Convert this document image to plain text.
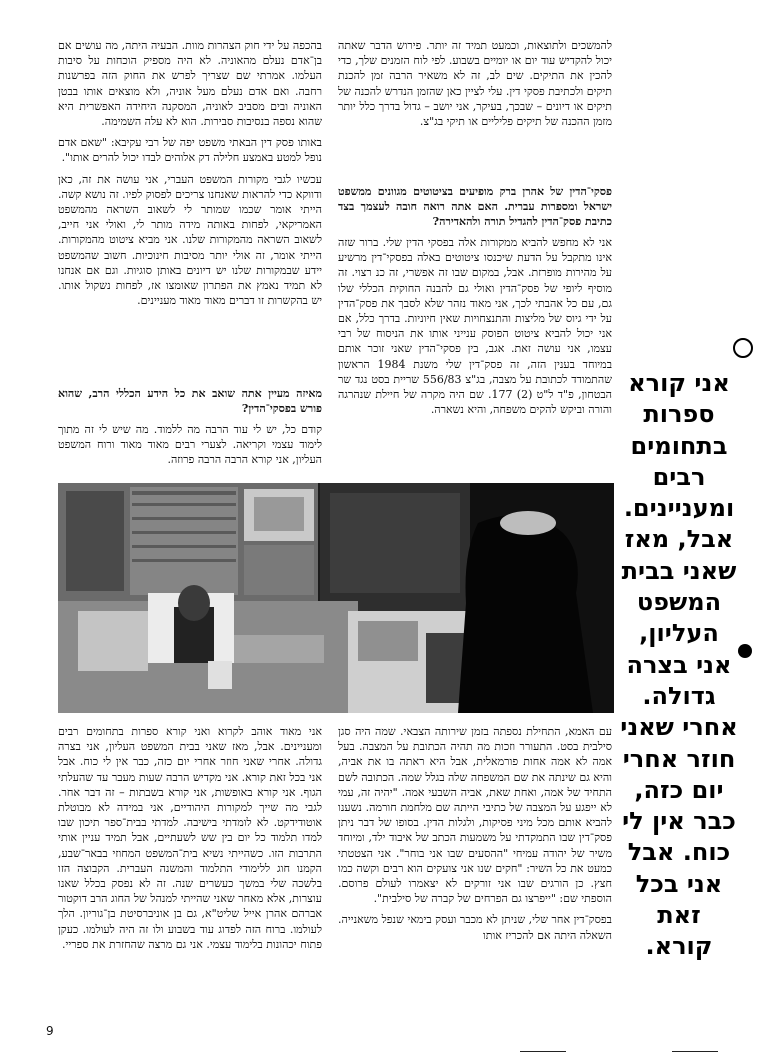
להמשכים ולתוצאות, וכמעט תמיד זה יותר. פירוש הדבר שאתה יכול להקדיש עוד יום או יומיים בשבוע. לפי לוח הזמנים שלך, כדי להכין את התיקים. שים לב, זה לא משאיר הרבה זמן להכנת תיקים ולכתיבת פסקי דין. עלי לציין כאן שהזמן הנדרש להכנה של תיקים או דיונים – שבכך, בעיקר, אני יושב – גדול בדרך כלל יותר מזמן ההכנה של תיקים פליליים או תיקי בג"צ.

בהכפה על ידי חוק הצהרות מוות. הבעיה היתה, מה עושים אם בן־אדם נעלם מהאוניה. לא היה מספיק הוכחות על סיבות העלמו. אמרתי שם שצריך לפרש את החוק הזה בפרשנות רחבה. ואם אדם נעלם מעל אוניה, ולא מוצאים אותו בבטן האוניה ובים מסביב לאוניה, המסקנה היחידה האפשרית היא שהוא נספה בנסיבות סבירות. הוא לא עלה השמימה.

באותו פסק דין הבאתי משפט יפה של רבי עקיבא: "שאם אדם נופל למטע באמצע חלילה דק אלוהים לבדו יכול להרים אותו".

עכשיו לגבי מקורות המשפט העברי, אני עושה את זה, כאן ודווקא כדי להראות שאנחנו צריכים לפסוק לפיו. זה נושא קשה. הייתי אומר שכמו שמותר לי לשאוב השראה מהמשפט האמריקאי, לפחות באותה מידה מותר לי, ואולי אני חייב, לשאוב השראה מהמקורות שלנו. אני מביא ציטוט מהמקורות. הייתי אומר, זה אולי יותר מסיבות חינוכיות. חשוב שהמשפט יידע שבמקורות שלנו יש דיונים באותן סוגיות. וגם אם אנחנו לא תמיד נאמץ את הפתרון שאומצו אז, לפחות נשקול אותו. יש בהקשרות זו דברים מאוד מאוד מעניינים.

פסקי־הדין של אהרן ברק מופיעים בציטוטים מגוונים ממשפט ישראל ומספרות עברית. האם אתה רואה חובה לעצמך בצד כתיבת פסק־הדין להגדיל תורה ולהאדירה?

אני לא מחפש להביא ממקורות אלה בפסקי הדין שלי. ברור שזה אינו מתקבל על הדעת שיכנסו ציטוטים באלה בפסקי־דין מרשיע על מהירות מופרזת. אבל, במקום שבו זה אפשרי, זה כנ רצוי. זה מוסיף ליופי של פסק־הדין ואולי גם להבנה החוקית הכללי שלו גם, עם כל אהבתי לכך, אני מאוד נזהר שלא לסבך את פסק־הדין על ידי גיוס של מליצות והתנצחויות שאין חיוניות. בדרך כלל, אם אני יכול להביא ציטוט הפוסק ענייני אותו את הניסוח של רבי עצמו, אני עושה זאת. אגב, בין פסקי־הדין שאני זוכר אותם במיוחד בענין הזה, זה פסק־דין שלי משנת 1984 הראשון שהתמודד לכתובת על מצבה, בג"צ 556/83 שריית בסט נגד שר הבטחון, פ"ד ל"ט (2) 177. שם היה מקרה של חיילת שנהרגה והורה וביקש להקים משפחה, והיא נשארה.

מאיזה מעיין אתה שואב את כל הידע הכללי הרב, שהוא פורש בפסקי־הדין?

קודם כל, יש לי עוד הרבה מה ללמוד. מה שיש לי זה מתוך לימוד עצמי וקריאה. לצערי רבים מאוד מאוד ורוח המשפט העליון, אני קורא הרבה הרבה פרוזה.

אני קורא ספרות בתחומים רבים ומעניינים. אבל, מאז שאני בבית המשפט העליון, אני בצרה גדולה. אחרי שאני חוזר אחרי יום כזה, כבר אין לי כוח. אבל אני בכל זאת קורא.

עם האמא, התחילת נספתה בזמן שירותה הצבאי. שמה היה סגן סילבית בסט. התעורר וזכות מה תהיה הכתובת על המצבה. בעל אמה לא אמה אחות פורמאלית, אבל היא ראתה בו את אביה, והיא גם שינתה את שם המשפחה שלה בגלל שמה. הכתובה לשם התחיד של אמה, ואחת שאת, אביה השבעי אמה. "יהיה זה, עמי לא ייפגע על המצבה של כתיבי הייתה שם מלחמת חורמה. נשענו להביא אותם מכל מיני פסיקות, ולגלות הדין. בסופו של דבר ניתן פסק־דין שבו התמקדתי על משמעות הכתב של איבוד ילד, ומיוחד משיר של יהודה עמיחי "ההסעים שבו אני בוחר". אני הצטטתי כמעט את כל השיר: "חקים שנו אני צועקים הוא רבים וקשה כמו חצץ. כן הורגים שבו אני זורקים לא יצאמרו לעולם פרוסם. הוספתי שם: "ייפרצו גם הפרחים של קברה של סילבית".

בפסק־דין אחר שלי, שניתן לא מכבר ועסק בימאי שנפל משאנייה. השאלה היתה אם להכריז אותו

אני מאוד אוהב לקרוא ואני קורא ספרות בתחומים רבים ומעניינים. אבל, מאז שאני בבית המשפט העליון, אני בצרה גדולה. אחרי שאני חוזר אחרי יום כזה, כבר אין לי כוח. אבל אני בכל זאת קורא. אני מקדיש הרבה שעות מעבר עד שהעלתי הגוף. אני קורא באופשות, אני קורא בשבתות – זה דבר אחר. לגבי מה שייך למקורות היהודיים, אני במידה לא מבוטלת אוטודידקט. לא לומדתי בישיבה. למדתי בבית־ספר תיכון שבו למדו תלמוד כל יום בין שש לשעתיים, אבל תמיד עניין אותי התרבות הזו. כשהייתי נשיא בית־המשפט המחוזי בבאר־שבע, הקמנו חוג ללימודי התלמוד והמשנה העברית. הקבוצה הזו בלשכה שלי במשך כעשרים שנה. זה לא נפסק בכלל שאנו עוצרות, אלא מאחר שאני שהייתי למנהל של החוג הרב דוקטור אברהם אהרן אייל שליט"א, גם בן אוניברסיטת בן־גוריון. הלך לעולמו. ברוח הזה לפדוג עוד בשבוע ולו זה היה לעולמו. כעקן פתוח יכהונות בלימוד עצמי. אני גם מרצה שהחזרת את ספריי.

9
